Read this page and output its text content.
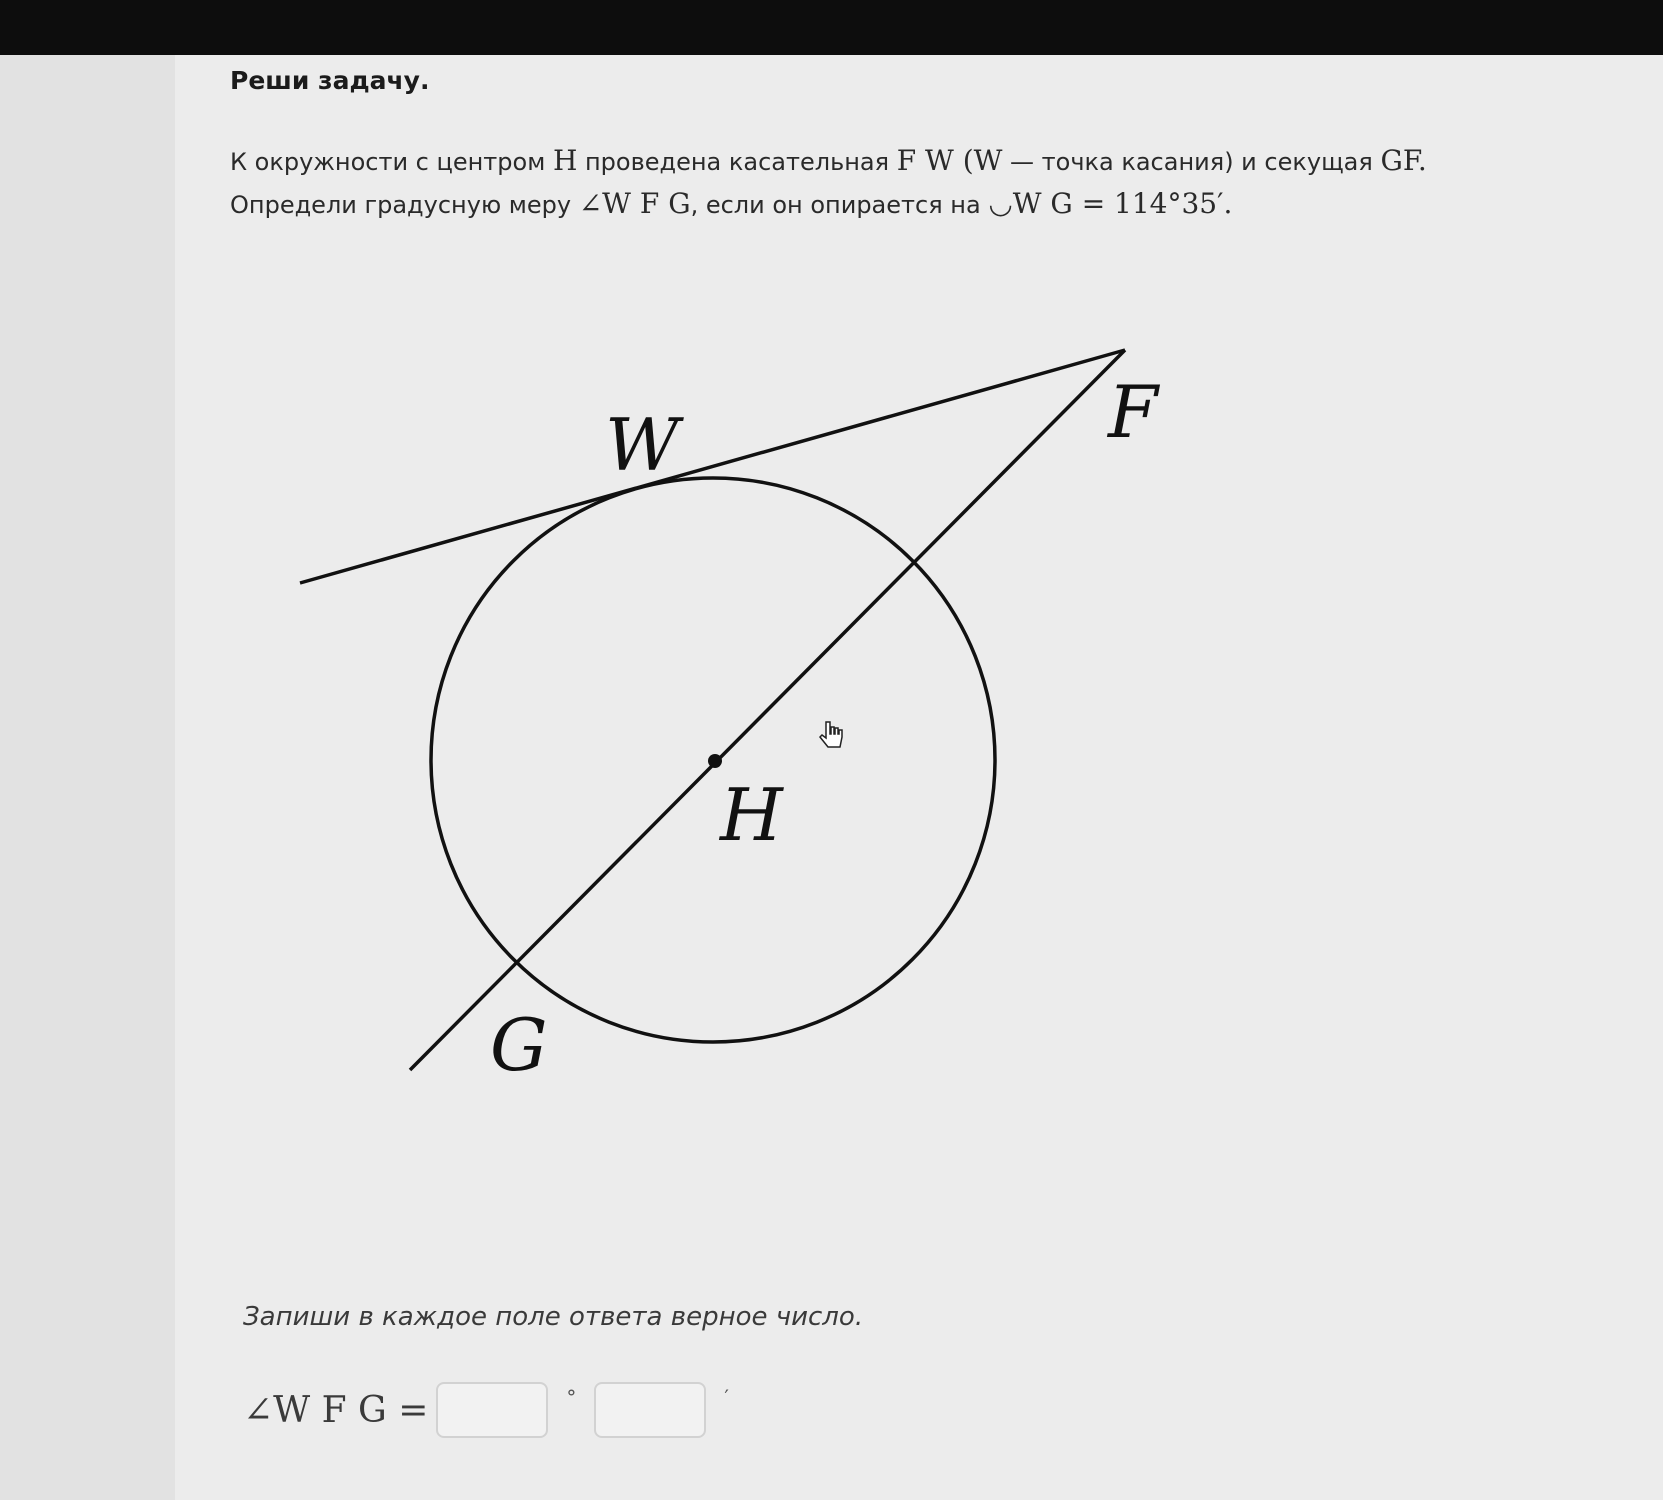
Реши задачу.
К окружности с центром H проведена касательная F W (W — точка касания) и секущая GF.
Определи градусную меру ∠W F G, если он опирается на ◡W G = 114°35′.
W	F
H
G
Запиши в каждое поле ответа верное число.
∠W F G =	°	′
